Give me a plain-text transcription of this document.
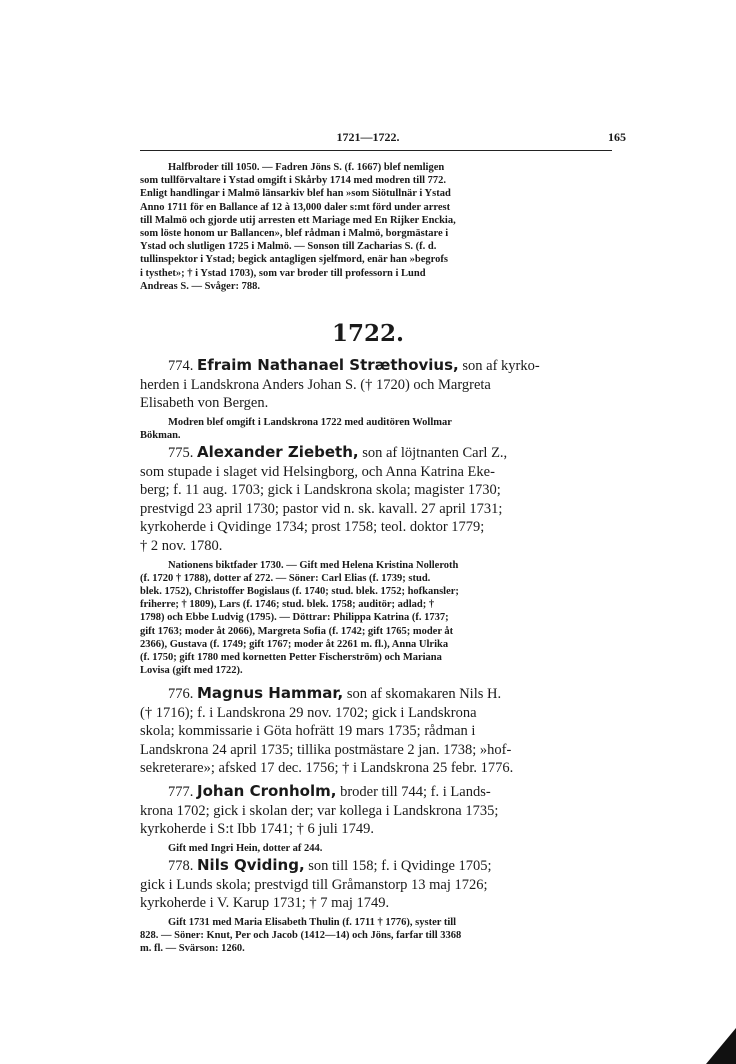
1721—1722.	165
Halfbroder till 1050. — Fadren Jöns S. (f. 1667) blef nemligen
som tullförvaltare i Ystad omgift i Skårby 1714 med modren till 772.
Enligt handlingar i Malmö länsarkiv blef han »som Siötullnär i Ystad
Anno 1711 för en Ballance af 12 à 13,000 daler s:mt förd under arrest
till Malmö och gjorde utij arresten ett Mariage med En Rijker Enckia,
som löste honom ur Ballancen», blef rådman i Malmö, borgmästare i
Ystad och slutligen 1725 i Malmö. — Sonson till Zacharias S. (f. d.
tullinspektor i Ystad; begick antagligen sjelfmord, enär han »begrofs
i tysthet»; † i Ystad 1703), som var broder till professorn i Lund
Andreas S. — Svåger: 788.
1722.
774. Efraim Nathanael Stræthovius, son af kyrko-
herden i Landskrona Anders Johan S. († 1720) och Margreta
Elisabeth von Bergen.
Modren blef omgift i Landskrona 1722 med auditören Wollmar
Bökman.
775. Alexander Ziebeth, son af löjtnanten Carl Z.,
som stupade i slaget vid Helsingborg, och Anna Katrina Eke-
berg; f. 11 aug. 1703; gick i Landskrona skola; magister 1730;
prestvigd 23 april 1730; pastor vid n. sk. kavall. 27 april 1731;
kyrkoherde i Qvidinge 1734; prost 1758; teol. doktor 1779;
† 2 nov. 1780.
Nationens biktfader 1730. — Gift med Helena Kristina Nolleroth
(f. 1720 † 1788), dotter af 272. — Söner: Carl Elias (f. 1739; stud.
blek. 1752), Christoffer Bogislaus (f. 1740; stud. blek. 1752; hofkansler;
friherre; † 1809), Lars (f. 1746; stud. blek. 1758; auditör; adlad; †
1798) och Ebbe Ludvig (1795). — Döttrar: Philippa Katrina (f. 1737;
gift 1763; moder åt 2066), Margreta Sofia (f. 1742; gift 1765; moder åt
2366), Gustava (f. 1749; gift 1767; moder åt 2261 m. fl.), Anna Ulrika
(f. 1750; gift 1780 med kornetten Petter Fischerström) och Mariana
Lovisa (gift med 1722).
776. Magnus Hammar, son af skomakaren Nils H.
(† 1716); f. i Landskrona 29 nov. 1702; gick i Landskrona
skola; kommissarie i Göta hofrätt 19 mars 1735; rådman i
Landskrona 24 april 1735; tillika postmästare 2 jan. 1738; »hof-
sekreterare»; afsked 17 dec. 1756; † i Landskrona 25 febr. 1776.
777. Johan Cronholm, broder till 744; f. i Lands-
krona 1702; gick i skolan der; var kollega i Landskrona 1735;
kyrkoherde i S:t Ibb 1741; † 6 juli 1749.
Gift med Ingri Hein, dotter af 244.
778. Nils Qviding, son till 158; f. i Qvidinge 1705;
gick i Lunds skola; prestvigd till Gråmanstorp 13 maj 1726;
kyrkoherde i V. Karup 1731; † 7 maj 1749.
Gift 1731 med Maria Elisabeth Thulin (f. 1711 † 1776), syster till
828. — Söner: Knut, Per och Jacob (1412—14) och Jöns, farfar till 3368
m. fl. — Svärson: 1260.
